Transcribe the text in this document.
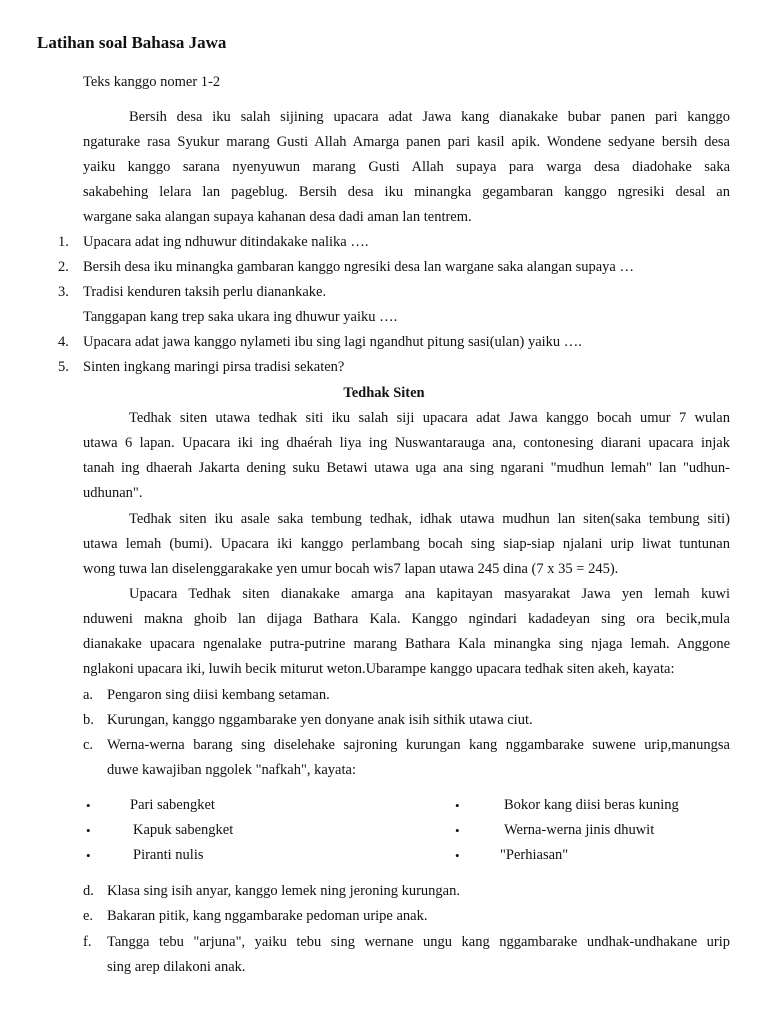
Latihan soal Bahasa Jawa
Teks kanggo nomer 1-2
Bersih desa iku salah sijining upacara adat Jawa kang dianakake bubar panen pari kanggo
ngaturake rasa Syukur marang Gusti Allah Amarga panen pari kasil apik. Wondene sedyane bersih desa
yaiku kanggo sarana nyenyuwun marang Gusti Allah supaya para warga desa diadohake saka
sakabehing lelara lan pageblug. Bersih desa iku minangka gegambaran kanggo ngresiki desal an
wargane saka alangan supaya kahanan desa dadi aman lan tentrem.
1. Upacara adat ing ndhuwur ditindakake nalika ….
2. Bersih desa iku minangka gambaran kanggo ngresiki desa lan wargane saka alangan supaya …
3. Tradisi kenduren taksih perlu dianankake.
Tanggapan kang trep saka ukara ing dhuwur yaiku ….
4. Upacara adat jawa kanggo nylameti ibu sing lagi ngandhut pitung sasi(ulan) yaiku ….
5. Sinten ingkang maringi pirsa tradisi sekaten?
Tedhak Siten
Tedhak siten utawa tedhak siti iku salah siji upacara adat Jawa kanggo bocah umur 7 wulan
utawa 6 lapan. Upacara iki ing dhaérah liya ing Nuswantarauga ana, contonesing diarani upacara injak
tanah ing dhaerah Jakarta dening suku Betawi utawa uga ana sing ngarani "mudhun lemah" lan "udhun-
udhunan".
Tedhak siten iku asale saka tembung tedhak, idhak utawa mudhun lan siten(saka tembung siti)
utawa lemah (bumi). Upacara iki kanggo perlambang bocah sing siap-siap njalani urip liwat tuntunan
wong tuwa lan diselenggarakake yen umur bocah wis7 lapan utawa 245 dina (7 x 35 = 245).
Upacara Tedhak siten dianakake amarga ana kapitayan masyarakat Jawa yen lemah kuwi
nduweni makna ghoib lan dijaga Bathara Kala. Kanggo ngindari kadadeyan sing ora becik,mula
dianakake upacara ngenalake putra-putrine marang Bathara Kala minangka sing njaga lemah. Anggone
nglakoni upacara iki, luwih becik miturut weton.Ubarampe kanggo upacara tedhak siten akeh, kayata:
a. Pengaron sing diisi kembang setaman.
b. Kurungan, kanggo nggambarake yen donyane anak isih sithik utawa ciut.
c. Werna-werna barang sing diselehake sajroning kurungan kang nggambarake suwene urip,manungsa
duwe kawajiban nggolek "nafkah", kayata:
•	Pari sabengket
•	Kapuk sabengket
•	Piranti nulis
•	Bokor kang diisi beras kuning
•	Werna-werna jinis dhuwit
•	"Perhiasan"
d. Klasa sing isih anyar, kanggo lemek ning jeroning kurungan.
e. Bakaran pitik, kang nggambarake pedoman uripe anak.
f. Tangga tebu "arjuna", yaiku tebu sing wernane ungu kang nggambarake undhak-undhakane urip
sing arep dilakoni anak.
